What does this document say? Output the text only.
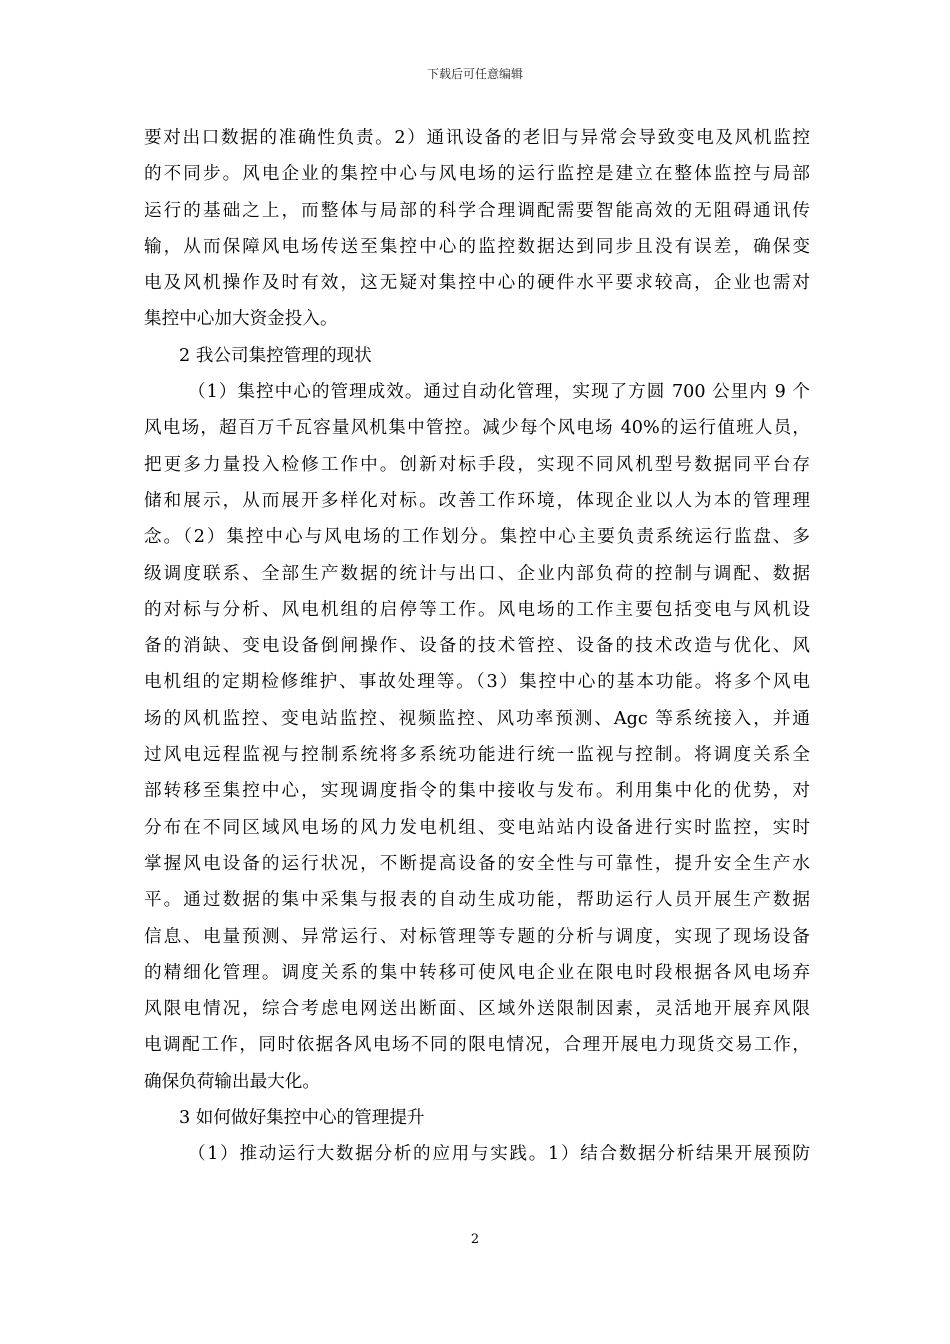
下载后可任意编辑
要对出口数据的准确性负责。2）通讯设备的老旧与异常会导致变电及风机监控
的不同步。风电企业的集控中心与风电场的运行监控是建立在整体监控与局部
运行的基础之上，而整体与局部的科学合理调配需要智能高效的无阻碍通讯传
输，从而保障风电场传送至集控中心的监控数据达到同步且没有误差，确保变
电及风机操作及时有效，这无疑对集控中心的硬件水平要求较高，企业也需对
集控中心加大资金投入。
2 我公司集控管理的现状
（1）集控中心的管理成效。通过自动化管理，实现了方圆 700 公里内 9 个
风电场，超百万千瓦容量风机集中管控。减少每个风电场 40%的运行值班人员，
把更多力量投入检修工作中。创新对标手段，实现不同风机型号数据同平台存
储和展示，从而展开多样化对标。改善工作环境，体现企业以人为本的管理理
念。（2）集控中心与风电场的工作划分。集控中心主要负责系统运行监盘、多
级调度联系、全部生产数据的统计与出口、企业内部负荷的控制与调配、数据
的对标与分析、风电机组的启停等工作。风电场的工作主要包括变电与风机设
备的消缺、变电设备倒闸操作、设备的技术管控、设备的技术改造与优化、风
电机组的定期检修维护、事故处理等。（3）集控中心的基本功能。将多个风电
场的风机监控、变电站监控、视频监控、风功率预测、Agc 等系统接入，并通
过风电远程监视与控制系统将多系统功能进行统一监视与控制。将调度关系全
部转移至集控中心，实现调度指令的集中接收与发布。利用集中化的优势，对
分布在不同区域风电场的风力发电机组、变电站站内设备进行实时监控，实时
掌握风电设备的运行状况，不断提高设备的安全性与可靠性，提升安全生产水
平。通过数据的集中采集与报表的自动生成功能，帮助运行人员开展生产数据
信息、电量预测、异常运行、对标管理等专题的分析与调度，实现了现场设备
的精细化管理。调度关系的集中转移可使风电企业在限电时段根据各风电场弃
风限电情况，综合考虑电网送出断面、区域外送限制因素，灵活地开展弃风限
电调配工作，同时依据各风电场不同的限电情况，合理开展电力现货交易工作，
确保负荷输出最大化。
3 如何做好集控中心的管理提升
（1）推动运行大数据分析的应用与实践。1）结合数据分析结果开展预防
2
